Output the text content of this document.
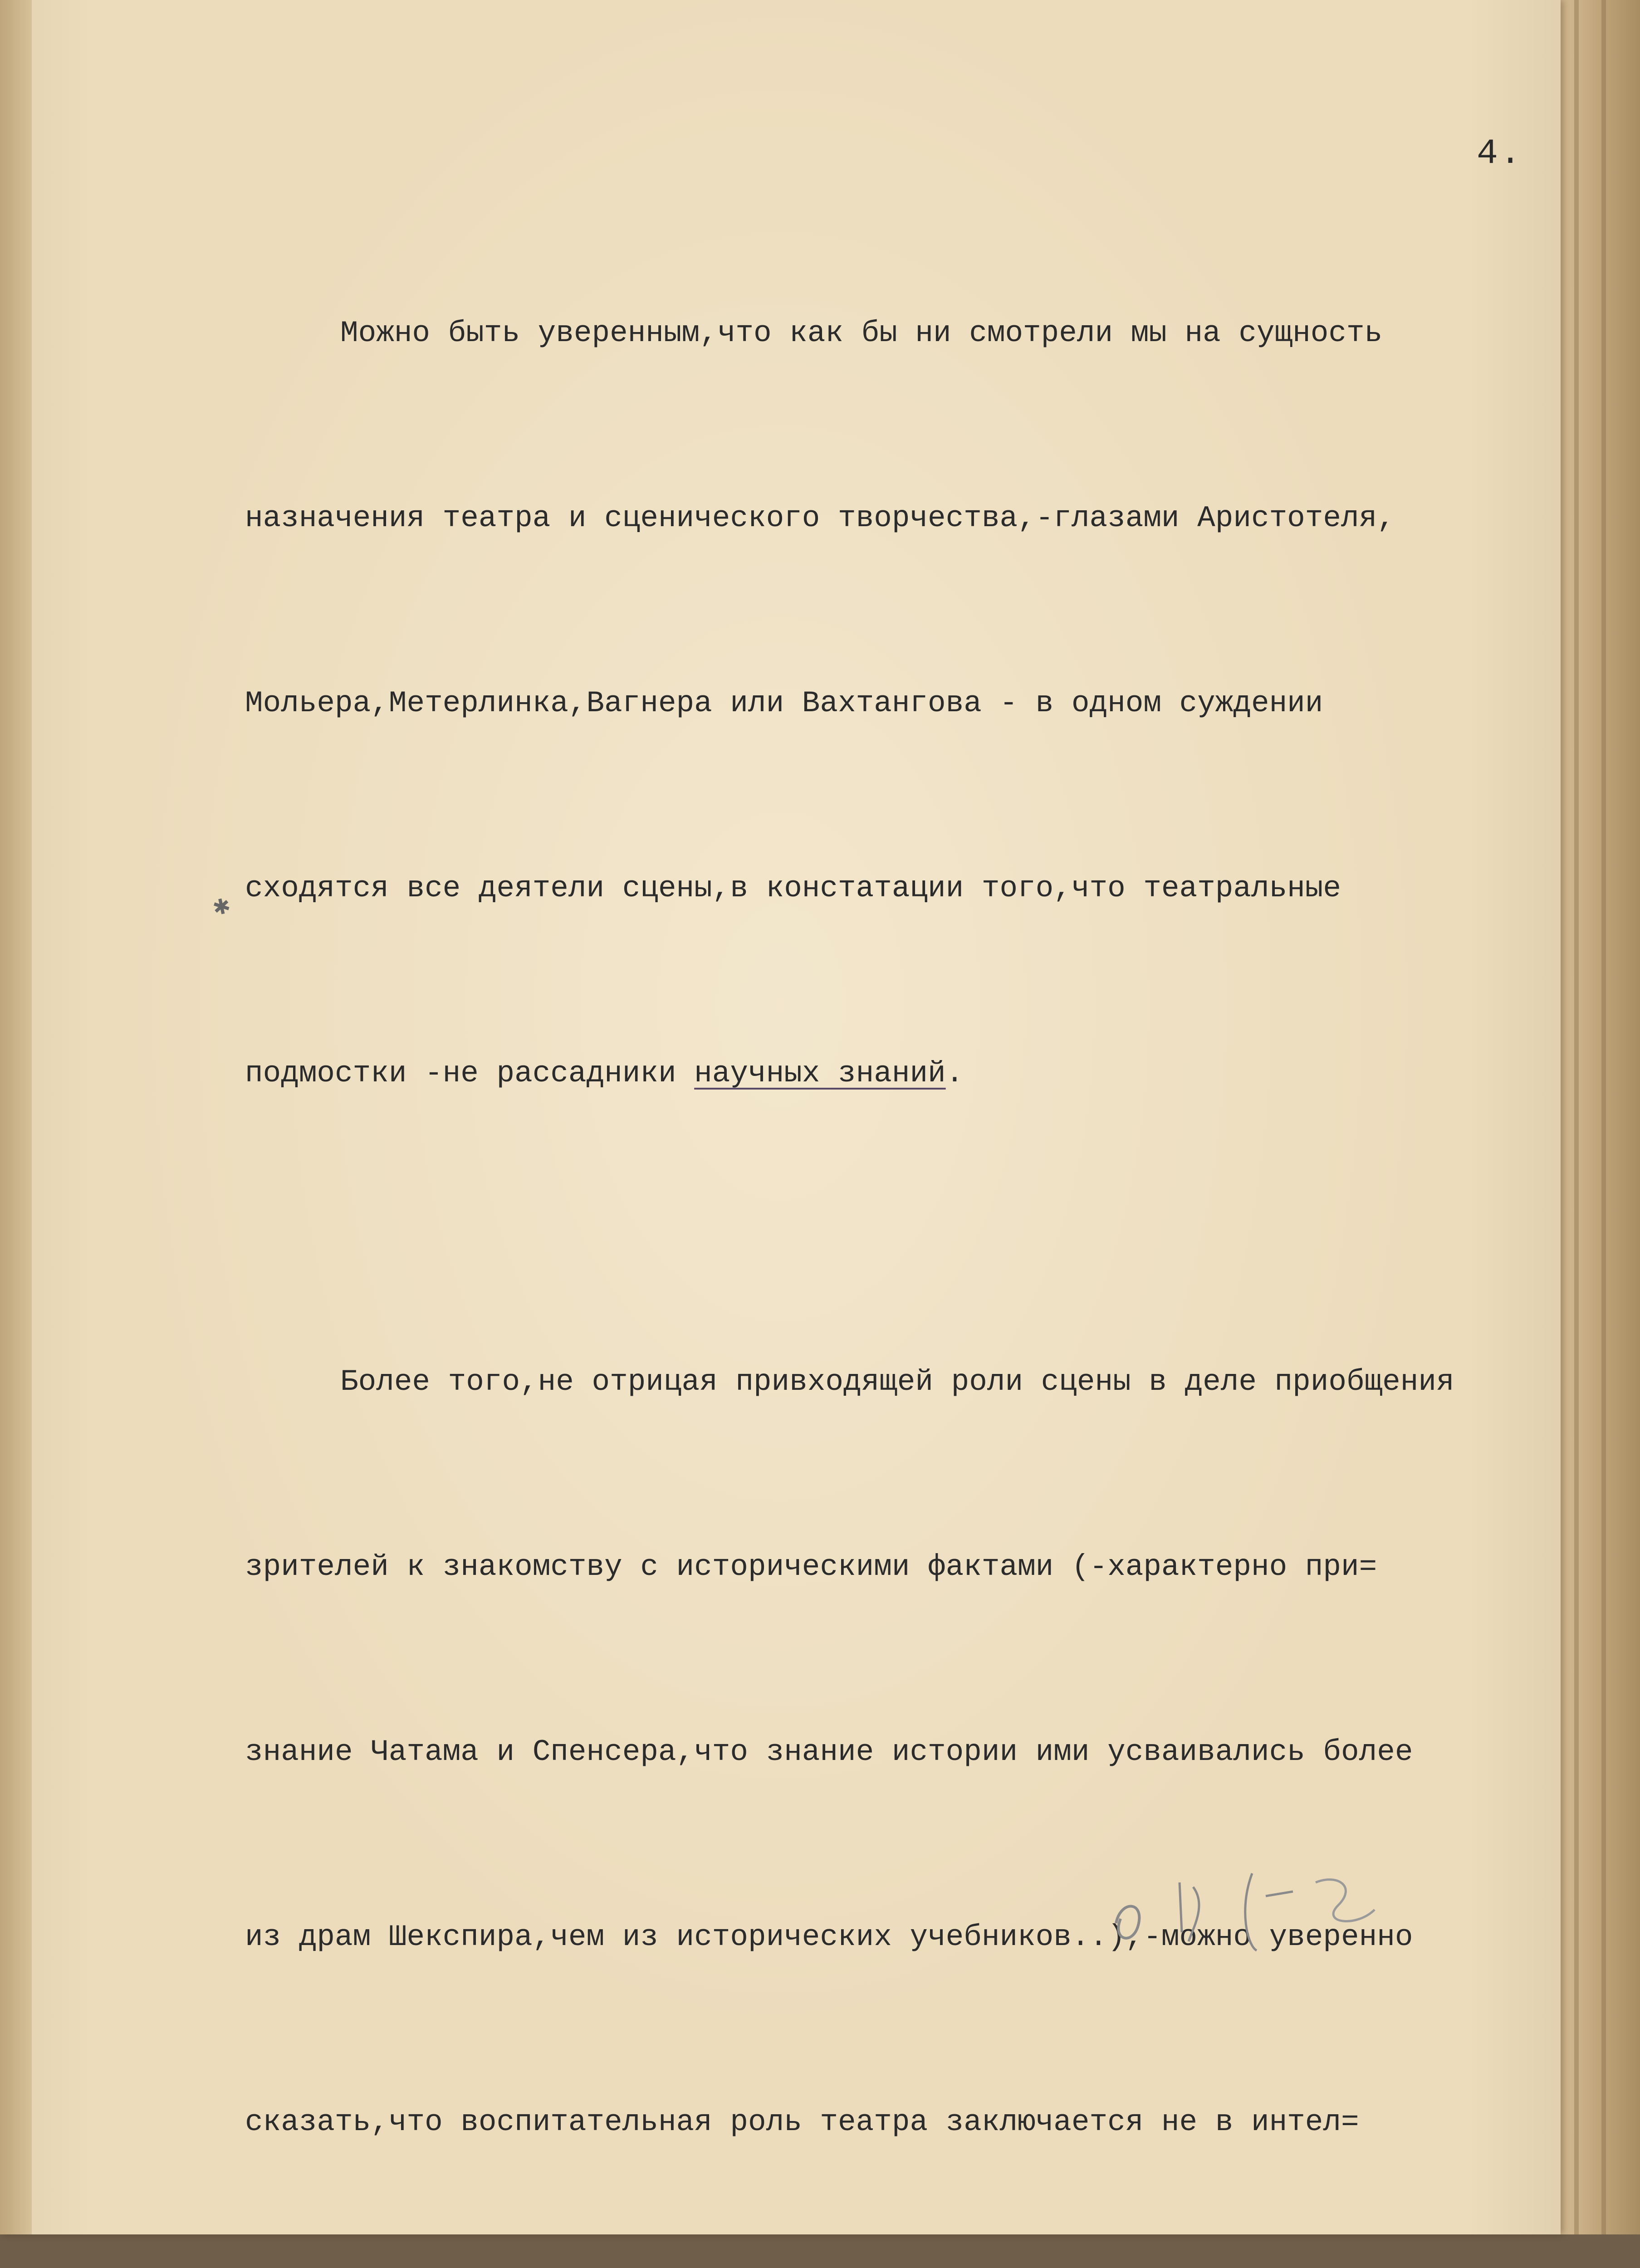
4.

Можно быть уверенным,что как бы ни смотрели мы на сущность

назначения театра и сценического творчества,-глазами Аристотеля,

Мольера,Метерлинка,Вагнера или Вахтангова - в одном суждении

сходятся все деятели сцены,в констатации того,что театральные

подмостки -не рассадники научных знаний.

Более того,не отрицая привходящей роли сцены в деле приобщения

зрителей к знакомству с историческими фактами (-характерно при=

знание Чатама и Спенсера,что знание истории ими усваивались более

из драм Шекспира,чем из исторических учебников..),-можно уверенно

сказать,что воспитательная роль театра заключается не в интел=

✱
